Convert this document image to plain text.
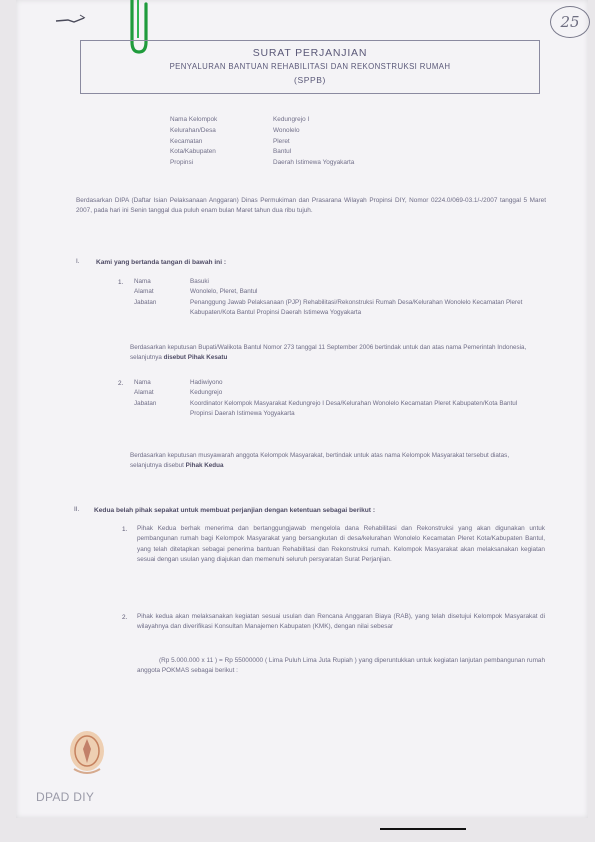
25
SURAT PERJANJIAN
PENYALURAN BANTUAN REHABILITASI DAN REKONSTRUKSI RUMAH
(SPPB)
Nama Kelompok	Kedungrejo I
Kelurahan/Desa	Wonolelo
Kecamatan	Pleret
Kota/Kabupaten	Bantul
Propinsi	Daerah Istimewa Yogyakarta
Berdasarkan DIPA (Daftar Isian Pelaksanaan Anggaran) Dinas Permukiman dan Prasarana Wilayah Propinsi DIY, Nomor 0224.0/069-03.1/-/2007 tanggal 5 Maret 2007, pada hari ini Senin tanggal dua puluh enam bulan Maret tahun dua ribu tujuh.
I. Kami yang bertanda tangan di bawah ini :
1. Nama	Basuki
Alamat	Wonolelo, Pleret, Bantul
Jabatan	Penanggung Jawab Pelaksanaan (PJP) Rehabilitasi/Rekonstruksi Rumah Desa/Kelurahan Wonolelo Kecamatan Pleret Kabupaten/Kota Bantul Propinsi Daerah Istimewa Yogyakarta
Berdasarkan keputusan Bupati/Walikota Bantul Nomor 273 tanggal 11 September 2006 bertindak untuk dan atas nama Pemerintah Indonesia, selanjutnya disebut Pihak Kesatu
2. Nama	Hadiwiyono
Alamat	Kedungrejo
Jabatan	Koordinator Kelompok Masyarakat Kedungrejo I Desa/Kelurahan Wonolelo Kecamatan Pleret Kabupaten/Kota Bantul Propinsi Daerah Istimewa Yogyakarta
Berdasarkan keputusan musyawarah anggota Kelompok Masyarakat, bertindak untuk atas nama Kelompok Masyarakat tersebut diatas, selanjutnya disebut Pihak Kedua
II. Kedua belah pihak sepakat untuk membuat perjanjian dengan ketentuan sebagai berikut :
1. Pihak Kedua berhak menerima dan bertanggungjawab mengelola dana Rehabilitasi dan Rekonstruksi yang akan digunakan untuk pembangunan rumah bagi Kelompok Masyarakat yang bersangkutan di desa/kelurahan Wonolelo Kecamatan Pleret Kota/Kabupaten Bantul, yang telah ditetapkan sebagai penerima bantuan Rehabilitasi dan Rekonstruksi rumah. Kelompok Masyarakat akan melaksanakan kegiatan sesuai dengan usulan yang diajukan dan memenuhi seluruh persyaratan Surat Perjanjian.
2. Pihak kedua akan melaksanakan kegiatan sesuai usulan dan Rencana Anggaran Biaya (RAB), yang telah disetujui Kelompok Masyarakat di wilayahnya dan diverifikasi Konsultan Manajemen Kabupaten (KMK), dengan nilai sebesar
(Rp 5.000.000 x 11 ) = Rp 55000000 ( Lima Puluh Lima Juta Rupiah ) yang diperuntukkan untuk kegiatan lanjutan pembangunan rumah anggota POKMAS sebagai berikut :
DPAD DIY
